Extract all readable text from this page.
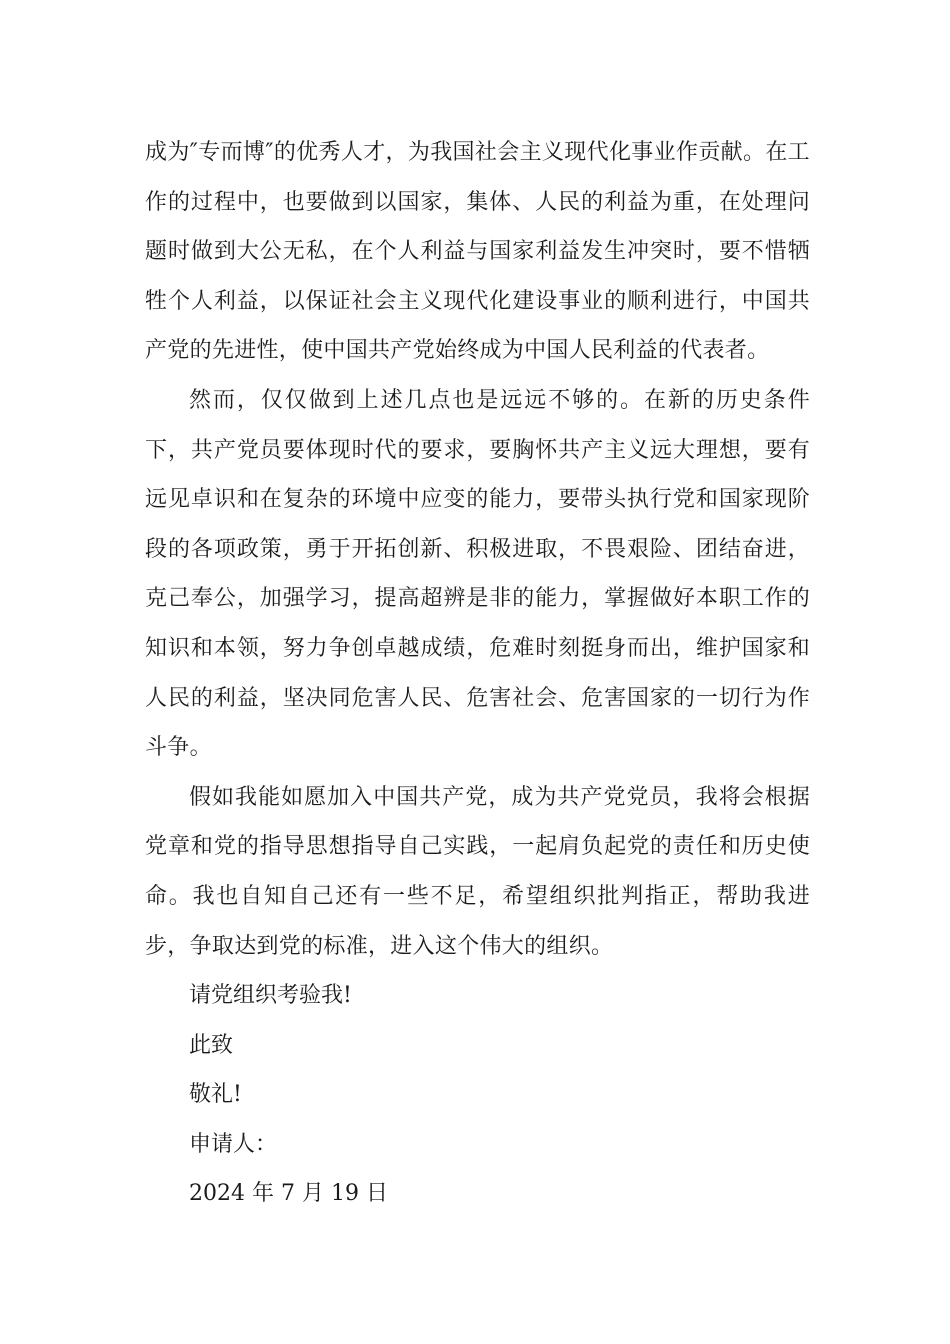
成为″专而博″的优秀人才，为我国社会主义现代化事业作贡献。在工作的过程中，也要做到以国家，集体、人民的利益为重，在处理问题时做到大公无私，在个人利益与国家利益发生冲突时，要不惜牺牲个人利益，以保证社会主义现代化建设事业的顺利进行，中国共产党的先进性，使中国共产党始终成为中国人民利益的代表者。

然而，仅仅做到上述几点也是远远不够的。在新的历史条件下，共产党员要体现时代的要求，要胸怀共产主义远大理想，要有远见卓识和在复杂的环境中应变的能力，要带头执行党和国家现阶段的各项政策，勇于开拓创新、积极进取，不畏艰险、团结奋进，克己奉公，加强学习，提高超辨是非的能力，掌握做好本职工作的知识和本领，努力争创卓越成绩，危难时刻挺身而出，维护国家和人民的利益，坚决同危害人民、危害社会、危害国家的一切行为作斗争。

假如我能如愿加入中国共产党，成为共产党党员，我将会根据党章和党的指导思想指导自己实践，一起肩负起党的责任和历史使命。我也自知自己还有一些不足，希望组织批判指正，帮助我进步，争取达到党的标准，进入这个伟大的组织。

请党组织考验我!

此致

敬礼!

申请人：

2024 年 7 月 19 日
